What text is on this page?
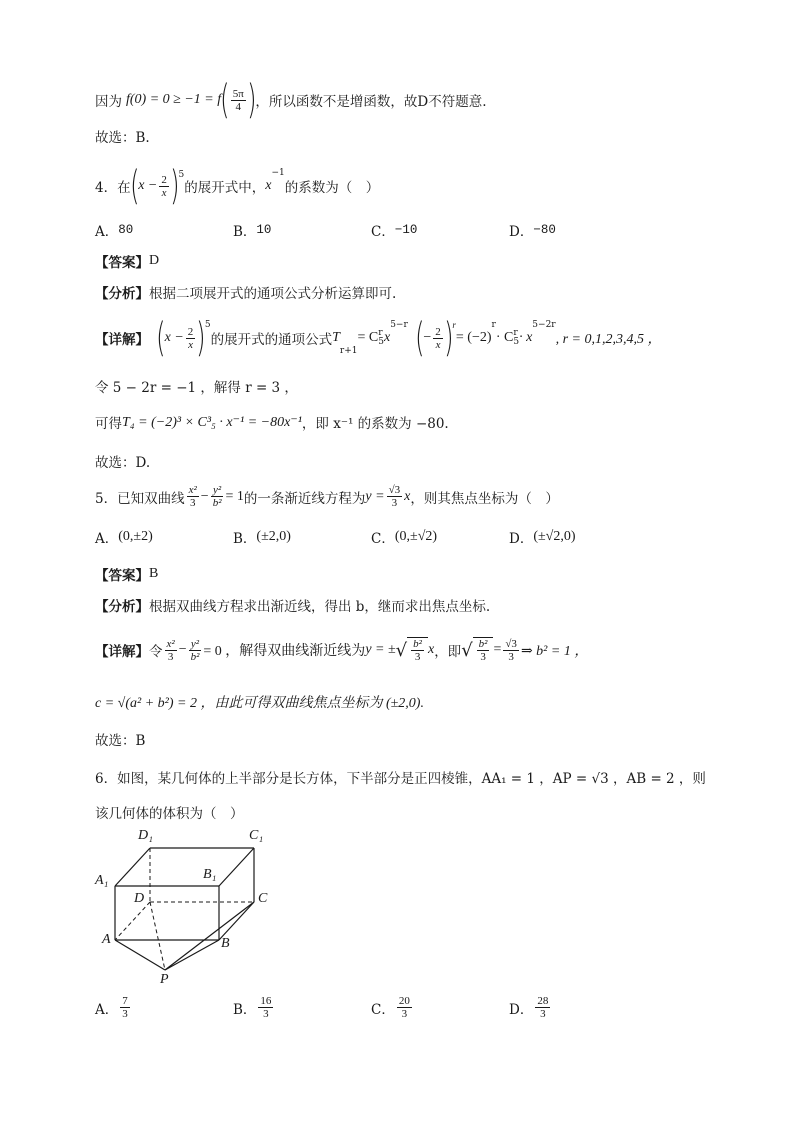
因为 f(0) = 0 ≥ −1 = f ( $\frac{5\pi}{4}$ ) ，所以函数不是增函数，故D不符题意.
故选：B.
4．在 ( $x - \frac{2}{x} )^5$
的展开式中， x
−1
的系数为（　）
A． 80	B． 10	C． −10	D． −80
【答案】 D
【分析】 根据二项展开式的通项公式分析运算即可.
【详解】 ( $x - \frac{2}{x} )^5$
的展开式的通项公式 T
r+1
= C r
5 x
5−r ( − $\frac{2}{x} )^r$
= (−2)
r
· C r
5 · x
5−2r
, r = 0,1,2,3,4,5 ，
令 5 − 2r = −1 ，解得 r = 3 ，
可得 T₄ = (−2)³ × C³₅ · x⁻¹ = −80x⁻¹ ，即 x⁻¹ 的系数为 −80.
故选：D.
5．已知双曲线 $\frac{\text{x²}}{3} - \frac{\text{y²}}{\text{b²}} = 1$ 的一条渐近线方程为 $y = \frac{√3}{3}$ x ，则其焦点坐标为（　）
A． (0,±2)	B． (±2,0)	C． (0,±√2)	D． (±√2,0)
【答案】 B
【分析】 根据双曲线方程求出渐近线，得出 b，继而求出焦点坐标.
【详解】 令 $\frac{\text{x²}}{3} - \frac{\text{y²}}{\text{b²}} = 0$ ，解得双曲线渐近线为 y = ± √ $\frac{\text{b²}}{3}$ x ，即 √ $\frac{\text{b²}}{3} = \frac{√3}{3}$ ⇒ b² = 1 ，
c = √(a² + b²) = 2 ，由此可得双曲线焦点坐标为 (±2,0).
故选：B
6．如图，某几何体的上半部分是长方体，下半部分是正四棱锥，AA₁ = 1 ，AP = √3 ，AB = 2 ，则
该几何体的体积为（　）
D₁	C₁
A₁	B₁
D	C
A	B
P
A． $\frac{7}{3}$	B． $\frac{16}{3}$	C． $\frac{20}{3}$	D． $\frac{28}{3}$
